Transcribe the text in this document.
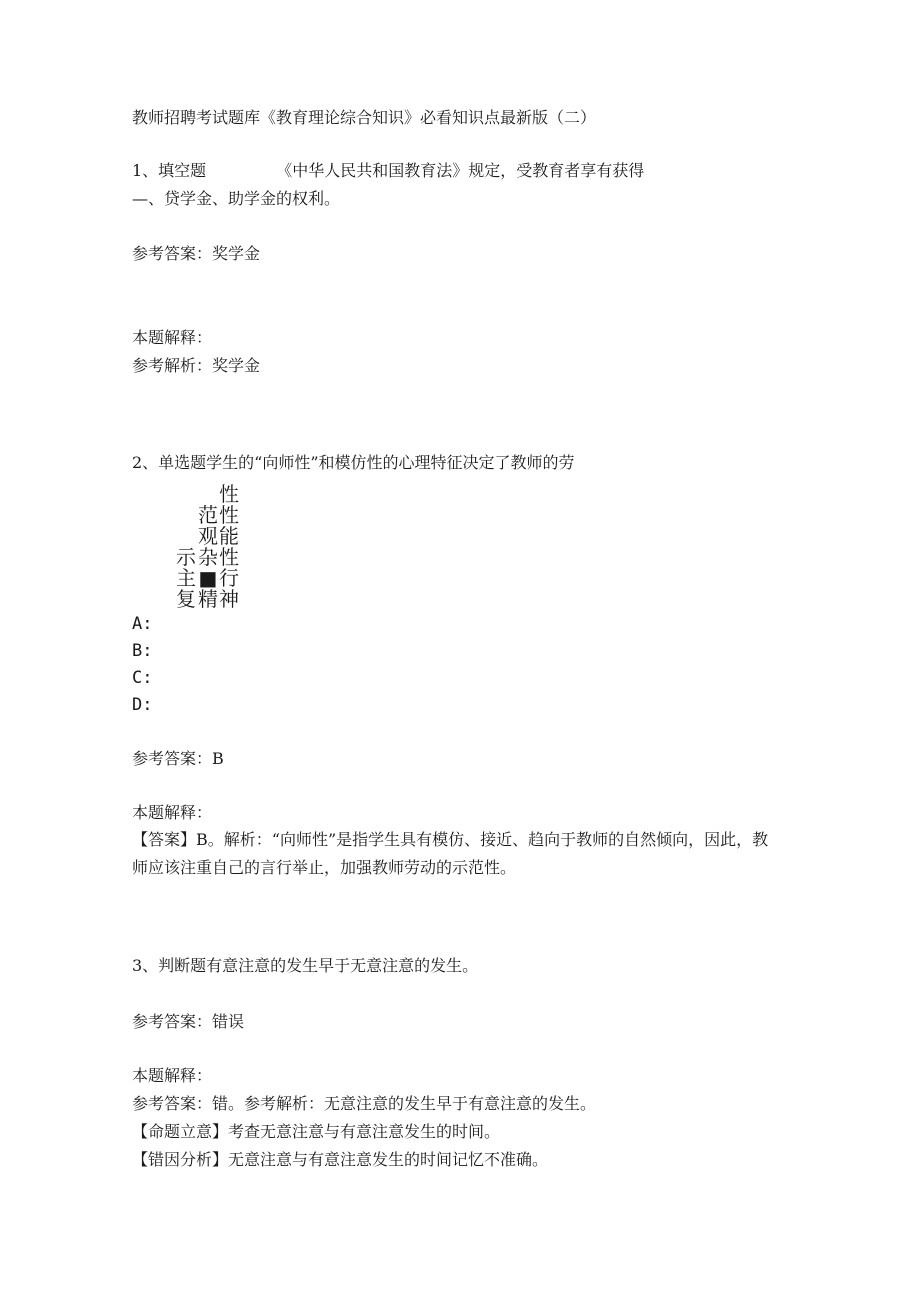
教师招聘考试题库《教育理论综合知识》必看知识点最新版（二）
1、填空题	《中华人民共和国教育法》规定，受教育者享有获得
—、贷学金、助学金的权利。
参考答案：奖学金
本题解释：
参考解析：奖学金
2、单选题学生的“向师性”和模仿性的心理特征决定了教师的劳
示
主
复
范
观
杂
■
精
性
性
能
性
行
神
A:
B:
C:
D:
参考答案：B
本题解释：
【答案】B。解析：“向师性”是指学生具有模仿、接近、趋向于教师的自然倾向，因此，教师应该注重自己的言行举止，加强教师劳动的示范性。
3、判断题有意注意的发生早于无意注意的发生。
参考答案：错误
本题解释：
参考答案：错。参考解析：无意注意的发生早于有意注意的发生。
【命题立意】考查无意注意与有意注意发生的时间。
【错因分析】无意注意与有意注意发生的时间记忆不准确。
